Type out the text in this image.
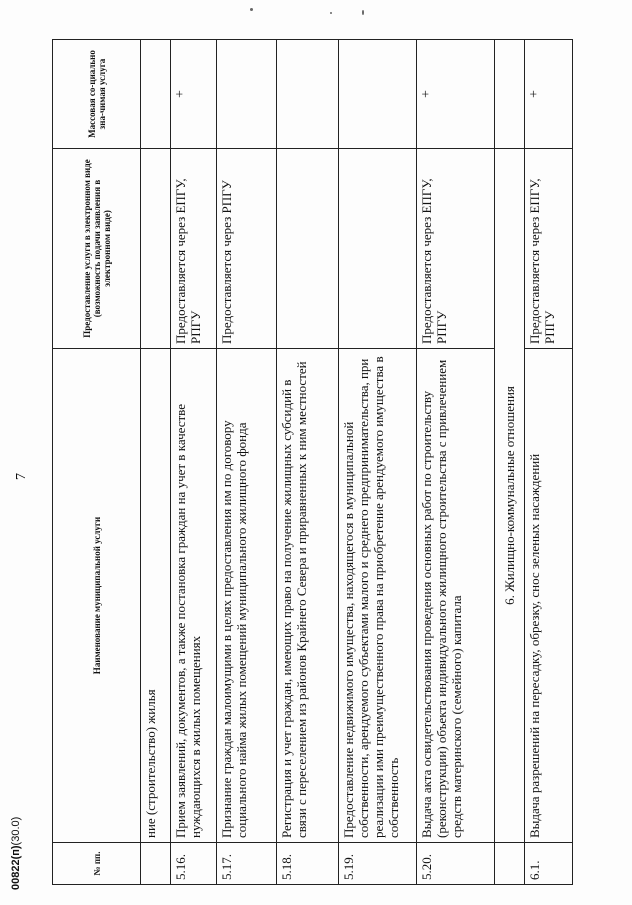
7
№ пп.	Наименование муниципальной услуги	Предоставление услуги в электронном виде (возможность подачи заявления в электронном виде)	Массовая со-циально зна-чимая услуга
	ние (строительство) жилья		
5.16.	Прием заявлений, документов, а также постановка граждан на учет в качестве нуждающихся в жилых помещениях	Предоставляется через ЕПГУ, РПГУ	+
5.17.	Признание граждан малоимущими в целях предоставления им по договору социального найма жилых помещений муниципального жилищного фонда	Предоставляется через РПГУ	
5.18.	Регистрация и учет граждан, имеющих право на получение жилищных субсидий в связи с переселением из районов Крайнего Севера и приравненных к ним местностей		
5.19.	Предоставление недвижимого имущества, находящегося в муниципальной собственности, арендуемого субъектами малого и среднего предпринимательства, при реализации ими преимущественного права на приобретение арендуемого имущества в собственность		
5.20.	Выдача акта освидетельствования проведения основных работ по строительству (реконструкции) объекта индивидуального жилищного строительства с привлечением средств материнского (семейного) капитала	Предоставляется через ЕПГУ, РПГУ	+
	6. Жилищно-коммунальные отношения		
6.1.	Выдача разрешений на пересадку, обрезку, снос зеленых насаждений	Предоставляется через ЕПГУ, РПГУ	+
00822(п)(30.0)
